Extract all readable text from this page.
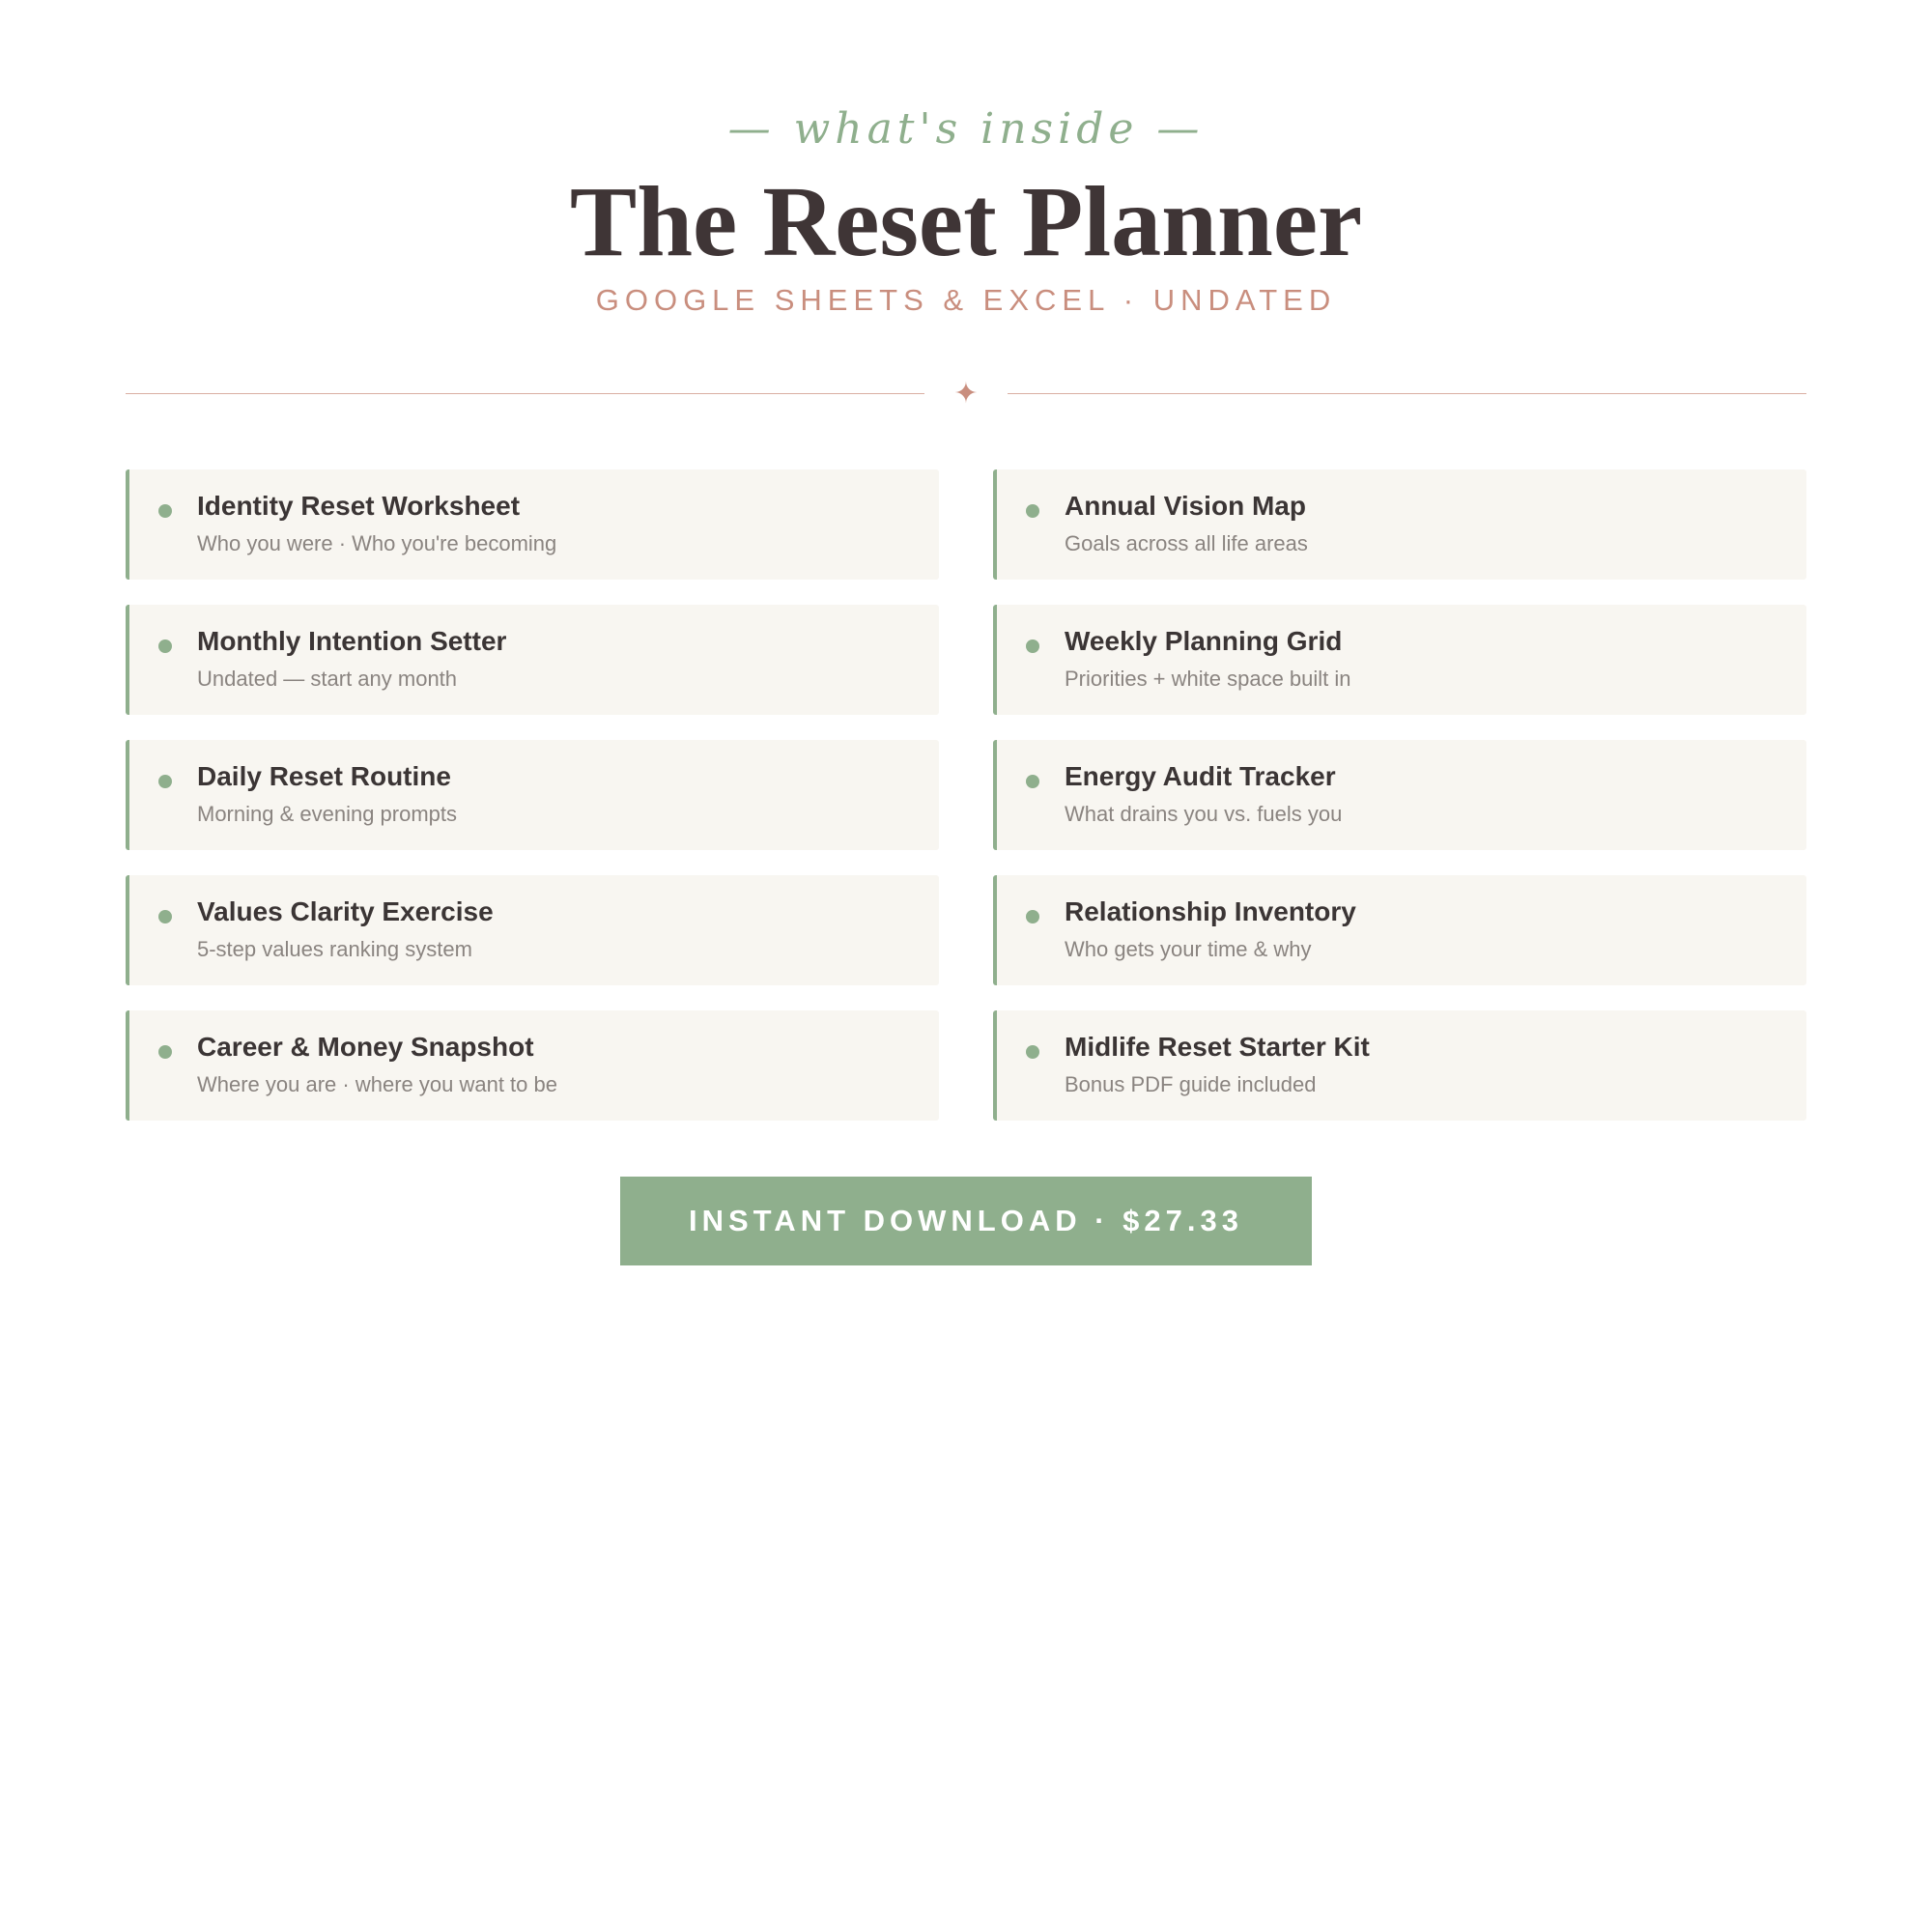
— what's inside —
The Reset Planner
GOOGLE SHEETS & EXCEL · UNDATED
✦
Identity Reset Worksheet
Who you were · Who you're becoming
Annual Vision Map
Goals across all life areas
Monthly Intention Setter
Undated — start any month
Weekly Planning Grid
Priorities + white space built in
Daily Reset Routine
Morning & evening prompts
Energy Audit Tracker
What drains you vs. fuels you
Values Clarity Exercise
5-step values ranking system
Relationship Inventory
Who gets your time & why
Career & Money Snapshot
Where you are · where you want to be
Midlife Reset Starter Kit
Bonus PDF guide included
INSTANT DOWNLOAD · $27.33
